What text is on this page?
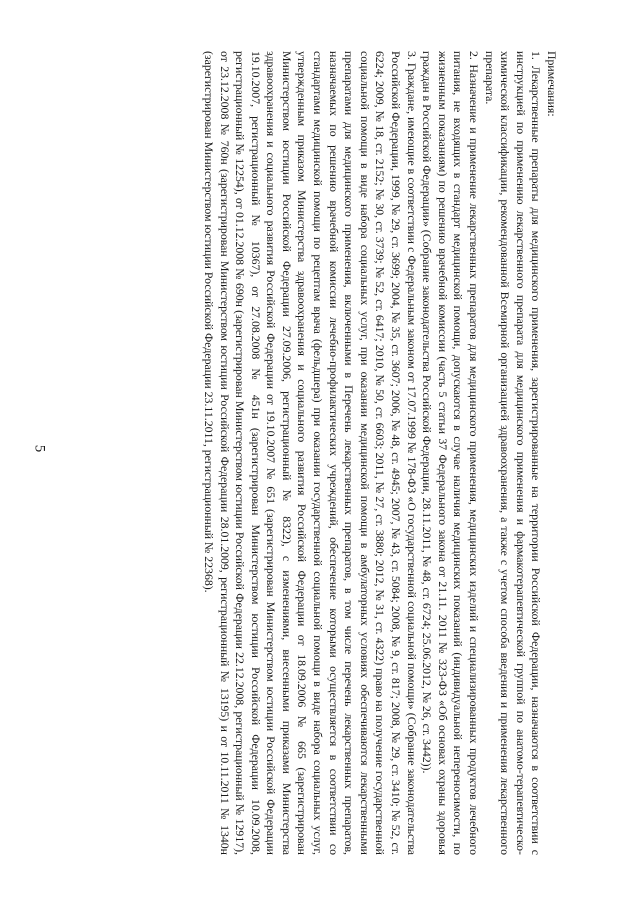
5

Примечания:

1. Лекарственные препараты для медицинского применения, зарегистрированные на территории Российской Федерации, назначаются в соответствии с инструкцией по применению лекарственного препарата для медицинского применения и фармакотерапевтической группой по анатомо-терапевтическо-химической классификации, рекомендованной Всемирной организацией здравоохранения, а также с учетом способа введения и применения лекарственного препарата.

2. Назначение и применение лекарственных препаратов для медицинского применения, медицинских изделий и специализированных продуктов лечебного питания, не входящих в стандарт медицинской помощи, допускаются в случае наличия медицинских показаний (индивидуальной непереносимости, по жизненным показаниям) по решению врачебной комиссии (часть 5 статьи 37 Федерального закона от 21.11. 2011 № 323-ФЗ «Об основах охраны здоровья граждан в Российской Федерации» (Собрание законодательства Российской Федерации, 28.11.2011, № 48, ст. 6724; 25.06.2012, № 26, ст. 3442)).

3. Граждане, имеющие в соответствии с Федеральным законом от 17.07.1999 № 178-ФЗ «О государственной социальной помощи» (Собрание законодательства Российской Федерации, 1999, № 29, ст. 3699; 2004, № 35, ст. 3607; 2006, № 48, ст. 4945; 2007, № 43, ст. 5084; 2008, № 9, ст. 817; 2008, № 29, ст. 3410; № 52, ст. 6224; 2009, № 18, ст. 2152; № 30, ст. 3739; № 52, ст. 6417; 2010, № 50, ст. 6603; 2011, № 27, ст. 3880; 2012, № 31, ст. 4322) право на получение государственной социальной помощи в виде набора социальных услуг, при оказании медицинской помощи в амбулаторных условиях обеспечиваются лекарственными препаратами для медицинского применения, включенными в Перечень лекарственных препаратов, в том числе перечень лекарственных препаратов, назначаемых по решению врачебной комиссии лечебно-профилактических учреждений, обеспечение которыми осуществляется в соответствии со стандартами медицинской помощи по рецептам врача (фельдшера) при оказании государственной социальной помощи в виде набора социальных услуг, утвержденным приказом Министерства здравоохранения и социального развития Российской Федерации от 18.09.2006 № 665 (зарегистрирован Министерством юстиции Российской Федерации 27.09.2006, регистрационный № 8322), с изменениями, внесенными приказами Министерства здравоохранения и социального развития Российской Федерации от 19.10.2007 № 651 (зарегистрирован Министерством юстиции Российской Федерации 19.10.2007, регистрационный № 10367), от 27.08.2008 № 451н (зарегистрирован Министерством юстиции Российской Федерации 10.09.2008, регистрационный № 12254), от 01.12.2008 № 690н (зарегистрирован Министерством юстиции Российской Федерации 22.12.2008, регистрационный № 12917), от 23.12.2008 № 760н (зарегистрирован Министерством юстиции Российской Федерации 28.01.2009, регистрационный № 13195) и от 10.11.2011 № 1340н (зарегистрирован Министерством юстиции Российской Федерации 23.11.2011, регистрационный № 22368).
